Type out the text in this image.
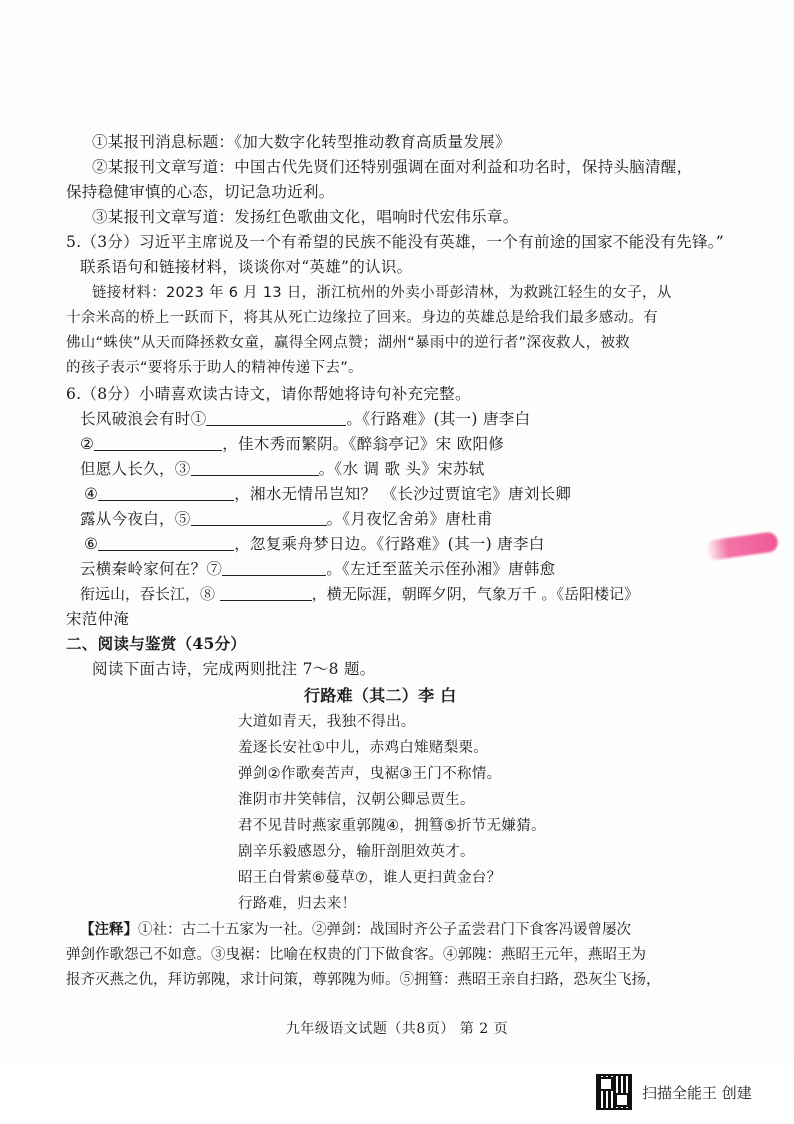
①某报刊消息标题：《加大数字化转型推动教育高质量发展》
②某报刊文章写道：中国古代先贤们还特别强调在面对利益和功名时，保持头脑清醒，
保持稳健审慎的心态，切记急功近利。
③某报刊文章写道：发扬红色歌曲文化，唱响时代宏伟乐章。
5.（3分）习近平主席说及一个有希望的民族不能没有英雄，一个有前途的国家不能没有先锋。”
联系语句和链接材料，谈谈你对“英雄”的认识。
链接材料：2023 年 6 月 13 日，浙江杭州的外卖小哥彭清林，为救跳江轻生的女子，从
十余米高的桥上一跃而下，将其从死亡边缘拉了回来。身边的英雄总是给我们最多感动。有
佛山“蛛侠”从天而降拯救女童，赢得全网点赞；湖州“暴雨中的逆行者”深夜救人，被救
的孩子表示“要将乐于助人的精神传递下去”。
6.（8分）小晴喜欢读古诗文，请你帮她将诗句补充完整。
长风破浪会有时①	。《行路难》(其一) 唐李白
②	，佳木秀而繁阴。《醉翁亭记》宋 欧阳修
但愿人长久，③	。《水 调 歌 头》宋苏轼
④	，湘水无情吊岂知？ 《长沙过贾谊宅》唐刘长卿
露从今夜白，⑤	。《月夜忆舍弟》唐杜甫
⑥	，忽复乘舟梦日边。《行路难》(其一) 唐李白
云横秦岭家何在？⑦	。《左迁至蓝关示侄孙湘》唐韩愈
衔远山，吞长江，⑧	，横无际涯，朝晖夕阴，气象万千 。《岳阳楼记》
宋范仲淹
二、阅读与鉴赏（45分）
阅读下面古诗，完成两则批注 7～8 题。
行路难（其二）李 白
大道如青天，我独不得出。
羞逐长安社①中儿，赤鸡白雉赌梨栗。
弹剑②作歌奏苦声，曳裾③王门不称情。
淮阴市井笑韩信，汉朝公卿忌贾生。
君不见昔时燕家重郭隗④，拥篲⑤折节无嫌猜。
剧辛乐毅感恩分，输肝剖胆效英才。
昭王白骨萦⑥蔓草⑦，谁人更扫黄金台？
行路难，归去来！
【注释】①社：古二十五家为一社。②弹剑：战国时齐公子孟尝君门下食客冯谖曾屡次
弹剑作歌怨己不如意。③曳裾：比喻在权贵的门下做食客。④郭隗：燕昭王元年，燕昭王为
报齐灭燕之仇，拜访郭隗，求计问策，尊郭隗为师。⑤拥篲：燕昭王亲自扫路，恐灰尘飞扬，
九年级语文试题（共8页） 第 2 页
扫描全能王 创建
